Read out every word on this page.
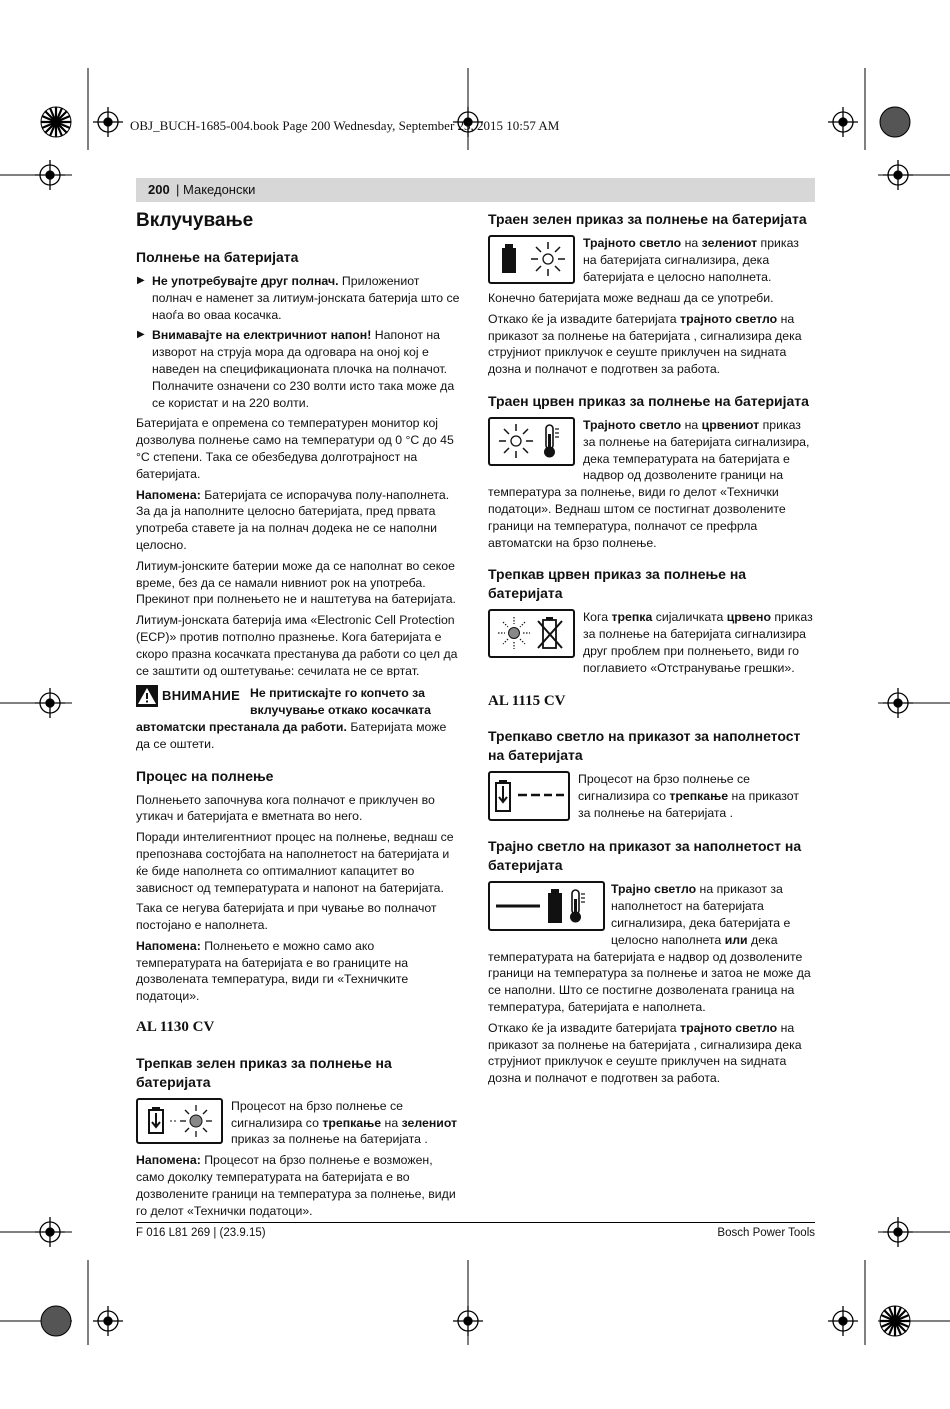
OBJ_BUCH-1685-004.book Page 200 Wednesday, September 23, 2015 10:57 AM
200 | Македонски
Вклучување
Полнење на батеријата
▶ Не употребувајте друг полнач. Приложениот полнач е наменет за литиум-јонската батерија што се наоѓа во оваа косачка.
▶ Внимавајте на електричниот напон! Напонот на изворот на струја мора да одговара на оној кој е наведен на спецификационата плочка на полначот. Полначите означени со 230 волти исто така може да се користат и на 220 волти.

Батеријата е опремена со температурен монитор кој дозволува полнење само на температури од 0 °C до 45 °C степени. Така се обезбедува долготрајност на батеријата.

Напомена: Батеријата се испорачува полу-наполнета. За да ја наполните целосно батеријата, пред првата употреба ставете ја на полнач додека не се наполни целосно.

Литиум-јонските батерии може да се наполнат во секое време, без да се намали нивниот рок на употреба. Прекинот при полнењето не и наштетува на батеријата.

Литиум-јонската батерија има «Electronic Cell Protection (ECP)» против потполно празнење. Кога батеријата е скоро празна косачката престанува да работи со цел да се заштити од оштетување: сечилата не се вртат.

ВНИМАНИЕ Не притискајте го копчето за вклучување откако косачката автоматски престанала да работи. Батеријата може да се оштети.
Процес на полнење

Полнењето започнува кога полначот е приклучен во утикач и батеријата е вметната во него.

Поради интелигентниот процес на полнење, веднаш се препознава состојбата на наполнетост на батеријата и ќе биде наполнета со оптималниот капацитет во зависност од температурата и напонот на батеријата.

Така се негува батеријата и при чување во полначот постојано е наполнета.

Напомена: Полнењето е можно само ако температурата на батеријата е во границите на дозволената температура, види ги «Техничките податоци».

AL 1130 CV
Трепкав зелен приказ за полнење на батеријата
Процесот на брзо полнење се сигнализира со трепкање на зелениот приказ за полнење на батеријата .

Напомена: Процесот на брзо полнење е возможен, само доколку температурата на батеријата е во дозволените граници на температура за полнење, види го делот «Технички податоци».

Траен зелен приказ за полнење на батеријата
Трајното светло на зелениот приказ на батеријата сигнализира, дека батеријата е целосно наполнета.

Конечно батеријата може веднаш да се употреби.

Откако ќе ја извадите батеријата трајното светло на приказот за полнење на батеријата , сигнализира дека струјниот приклучок е сеуште приклучен на ѕидната дозна и полначот е подготвен за работа.

Траен црвен приказ за полнење на батеријата
Трајното светло на црвениот приказ за полнење на батеријата сигнализира, дека температурата на батеријата е надвор од дозволените граници на температура за полнење, види го делот «Технички податоци». Веднаш штом се постигнат дозволените граници на температура, полначот се префрла автоматски на брзо полнење.
Трепкав црвен приказ за полнење на батеријата
Кога трепка сијаличката црвено приказ за полнење на батеријата сигнализира друг проблем при полнењето, види го поглавието «Отстранување грешки».
AL 1115 CV
Трепкаво светло на приказот за наполнетост на батеријата
Процесот на брзо полнење се сигнализира со трепкање на приказот за полнење на батеријата .
Трајно светло на приказот за наполнетост на батеријата
Трајно светло на приказот за наполнетост на батеријата сигнализира, дека батеријата е целосно наполнета или дека температурата на батеријата е надвор од дозволените граници на температура за полнење и затоа не може да се наполни. Што се постигне дозволената граница на температура, батеријата е наполнета.

Откако ќе ја извадите батеријата трајното светло на приказот за полнење на батеријата , сигнализира дека струјниот приклучок е сеуште приклучен на ѕидната дозна и полначот е подготвен за работа.

F 016 L81 269 | (23.9.15)	Bosch Power Tools
